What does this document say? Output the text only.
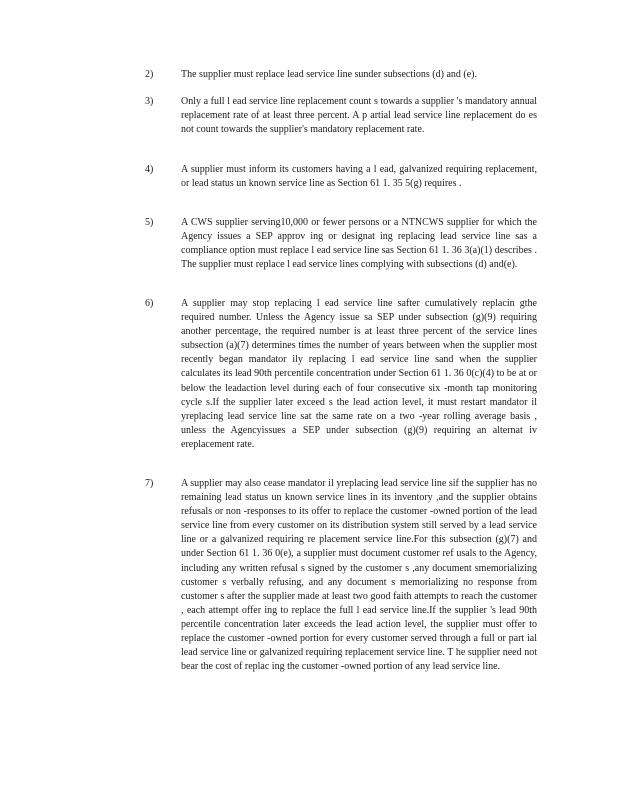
2)	The supplier must replace lead service line sunder subsections (d) and (e).
3)	Only a full l ead service line replacement count s towards a supplier 's mandatory annual replacement rate of at least three percent. A p artial lead service line replacement do es not count towards the supplier's mandatory replacement rate.
4)	A supplier must inform its customers having a l ead, galvanized requiring replacement, or lead status un known service line as Section 61 1. 35 5(g) requires .
5)	A CWS supplier serving10,000 or fewer persons or a NTNCWS supplier for which the Agency issues a SEP approv ing or designat ing replacing lead service line sas a compliance option must replace l ead service line sas Section 61 1. 36 3(a)(1) describes . The supplier must replace l ead service lines complying with subsections (d) and(e).
6)	A supplier may stop replacing l ead service line safter cumulatively replacin gthe required number. Unless the Agency issue sa SEP under subsection (g)(9) requiring another percentage, the required number is at least three percent of the service lines subsection (a)(7) determines times the number of years between when the supplier most recently began mandator ily replacing l ead service line sand when the supplier calculates its lead 90th percentile concentration under Section 61 1. 36 0(c)(4) to be at or below the leadaction level during each of four consecutive six -month tap monitoring cycle s.If the supplier later exceed s the lead action level, it must restart mandator il yreplacing lead service line sat the same rate on a two -year rolling average basis , unless the Agencyissues a SEP under subsection (g)(9) requiring an alternat iv ereplacement rate.
7)	A supplier may also cease mandator il yreplacing lead service line sif the supplier has no remaining lead status un known service lines in its inventory ,and the supplier obtains refusals or non -responses to its offer to replace the customer -owned portion of the lead service line from every customer on its distribution system still served by a lead service line or a galvanized requiring re placement service line.For this subsection (g)(7) and under Section 61 1. 36 0(e), a supplier must document customer ref usals to the Agency, including any written refusal s signed by the customer s ,any document smemorializing customer s verbally refusing, and any document s memorializing no response from customer s after the supplier made at least two good faith attempts to reach the customer , each attempt offer ing to replace the full l ead service line.If the supplier 's lead 90th percentile concentration later exceeds the lead action level, the supplier must offer to replace the customer -owned portion for every customer served through a full or part ial lead service line or galvanized requiring replacement service line. T he supplier need not bear the cost of replac ing the customer -owned portion of any lead service line.
